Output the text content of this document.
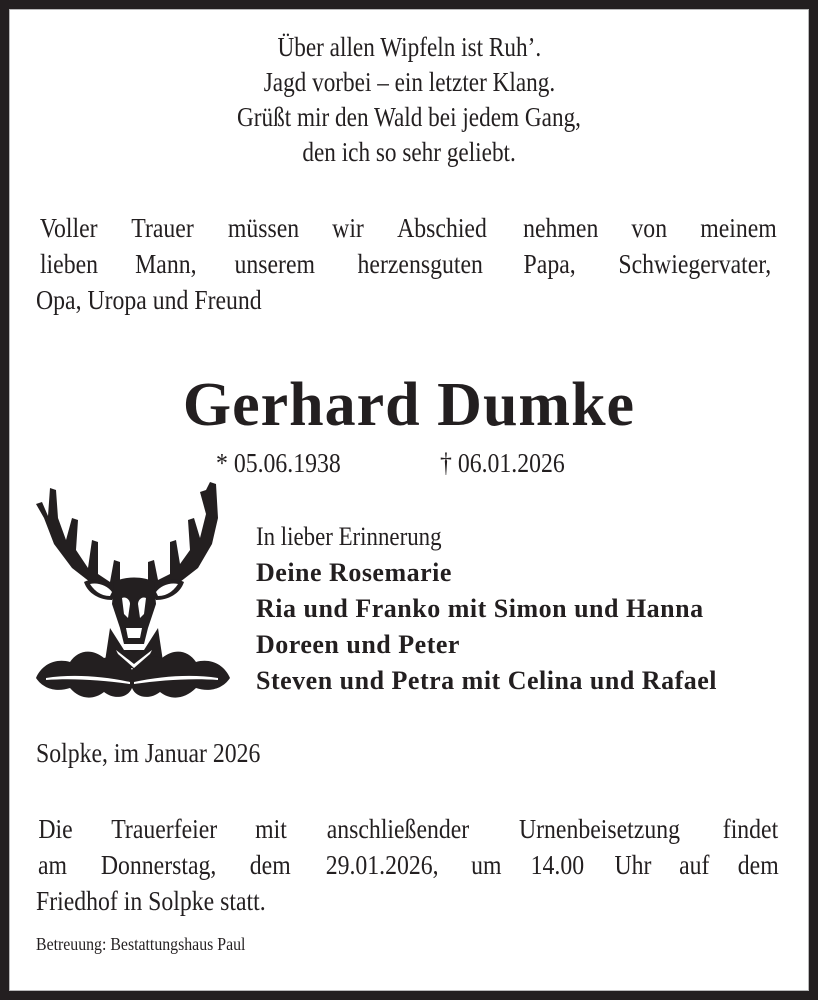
Über allen Wipfeln ist Ruh’.
Jagd vorbei – ein letzter Klang.
Grüßt mir den Wald bei jedem Gang,
den ich so sehr geliebt.
Voller Trauer müssen wir Abschied nehmen von meinem
lieben Mann, unserem herzensguten Papa, Schwiegervater,
Opa, Uropa und Freund
Gerhard Dumke
* 05.06.1938	† 06.01.2026
In lieber Erinnerung
Deine Rosemarie
Ria und Franko mit Simon und Hanna
Doreen und Peter
Steven und Petra mit Celina und Rafael
Solpke, im Januar 2026
Die Trauerfeier mit anschließender Urnenbeisetzung findet
am Donnerstag, dem 29.01.2026, um 14.00 Uhr auf dem
Friedhof in Solpke statt.
Betreuung: Bestattungshaus Paul
